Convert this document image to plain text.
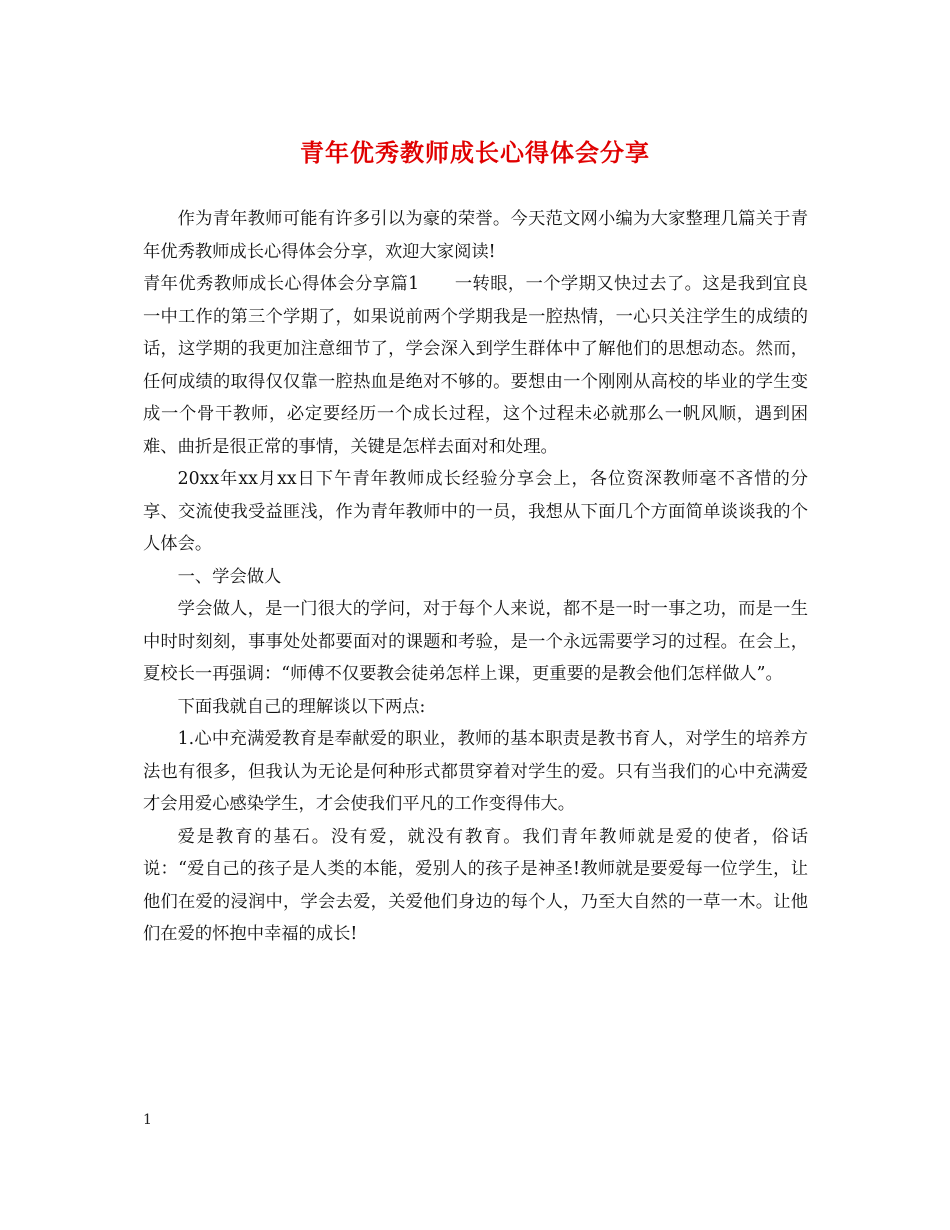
青年优秀教师成长心得体会分享

作为青年教师可能有许多引以为豪的荣誉。今天范文网小编为大家整理几篇关于青年优秀教师成长心得体会分享，欢迎大家阅读!

青年优秀教师成长心得体会分享篇1　　一转眼，一个学期又快过去了。这是我到宜良一中工作的第三个学期了，如果说前两个学期我是一腔热情，一心只关注学生的成绩的话，这学期的我更加注意细节了，学会深入到学生群体中了解他们的思想动态。然而，任何成绩的取得仅仅靠一腔热血是绝对不够的。要想由一个刚刚从高校的毕业的学生变成一个骨干教师，必定要经历一个成长过程，这个过程未必就那么一帆风顺，遇到困难、曲折是很正常的事情，关键是怎样去面对和处理。

20xx年xx月xx日下午青年教师成长经验分享会上，各位资深教师毫不吝惜的分享、交流使我受益匪浅，作为青年教师中的一员，我想从下面几个方面简单谈谈我的个人体会。

一、学会做人

学会做人，是一门很大的学问，对于每个人来说，都不是一时一事之功，而是一生中时时刻刻，事事处处都要面对的课题和考验，是一个永远需要学习的过程。在会上，夏校长一再强调：“师傅不仅要教会徒弟怎样上课，更重要的是教会他们怎样做人”。

下面我就自己的理解谈以下两点:

1.心中充满爱教育是奉献爱的职业，教师的基本职责是教书育人，对学生的培养方法也有很多，但我认为无论是何种形式都贯穿着对学生的爱。只有当我们的心中充满爱才会用爱心感染学生，才会使我们平凡的工作变得伟大。

爱是教育的基石。没有爱，就没有教育。我们青年教师就是爱的使者，俗话说：“爱自己的孩子是人类的本能，爱别人的孩子是神圣!教师就是要爱每一位学生，让他们在爱的浸润中，学会去爱，关爱他们身边的每个人，乃至大自然的一草一木。让他们在爱的怀抱中幸福的成长!

1
